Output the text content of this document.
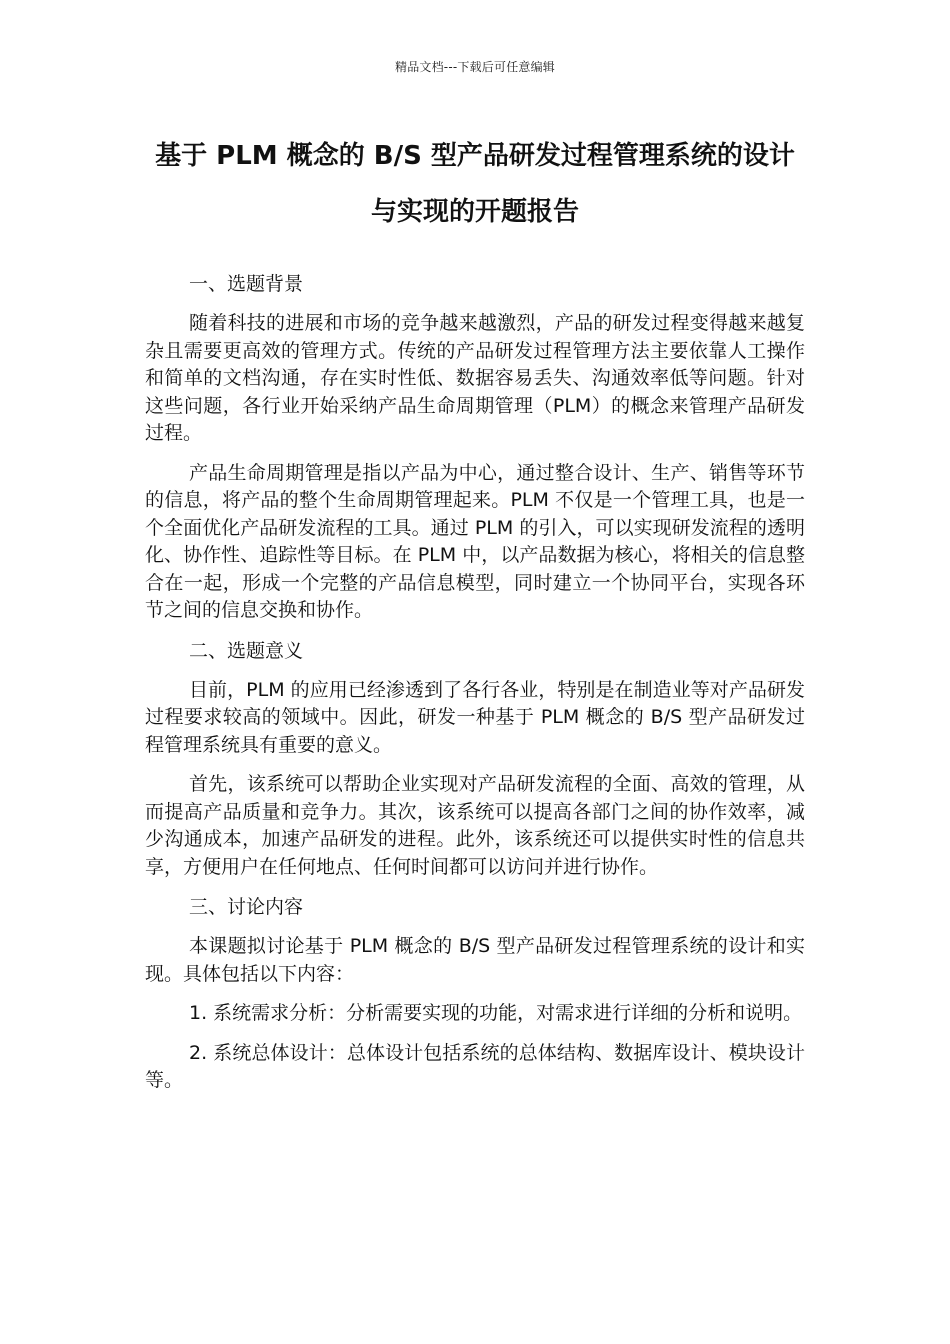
精品文档---下载后可任意编辑
基于 PLM 概念的 B/S 型产品研发过程管理系统的设计与实现的开题报告

一、选题背景

随着科技的进展和市场的竞争越来越激烈，产品的研发过程变得越来越复杂且需要更高效的管理方式。传统的产品研发过程管理方法主要依靠人工操作和简单的文档沟通，存在实时性低、数据容易丢失、沟通效率低等问题。针对这些问题，各行业开始采纳产品生命周期管理（PLM）的概念来管理产品研发过程。

产品生命周期管理是指以产品为中心，通过整合设计、生产、销售等环节的信息，将产品的整个生命周期管理起来。PLM 不仅是一个管理工具，也是一个全面优化产品研发流程的工具。通过 PLM 的引入，可以实现研发流程的透明化、协作性、追踪性等目标。在 PLM 中，以产品数据为核心，将相关的信息整合在一起，形成一个完整的产品信息模型，同时建立一个协同平台，实现各环节之间的信息交换和协作。

二、选题意义

目前，PLM 的应用已经渗透到了各行各业，特别是在制造业等对产品研发过程要求较高的领域中。因此，研发一种基于 PLM 概念的 B/S 型产品研发过程管理系统具有重要的意义。

首先，该系统可以帮助企业实现对产品研发流程的全面、高效的管理，从而提高产品质量和竞争力。其次，该系统可以提高各部门之间的协作效率，减少沟通成本，加速产品研发的进程。此外，该系统还可以提供实时性的信息共享，方便用户在任何地点、任何时间都可以访问并进行协作。

三、讨论内容

本课题拟讨论基于 PLM 概念的 B/S 型产品研发过程管理系统的设计和实现。具体包括以下内容：

1. 系统需求分析：分析需要实现的功能，对需求进行详细的分析和说明。

2. 系统总体设计：总体设计包括系统的总体结构、数据库设计、模块设计等。
